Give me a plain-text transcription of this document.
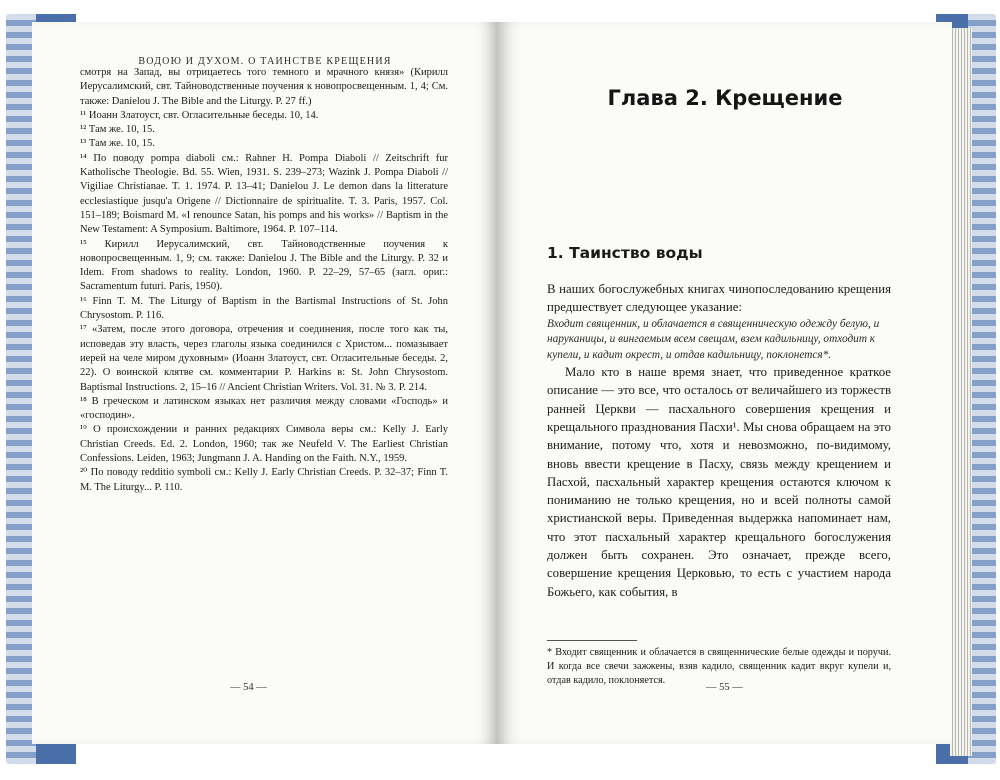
ВОДОЮ И ДУХОМ. О ТАИНСТВЕ КРЕЩЕНИЯ

смотря на Запад, вы отрицаетесь того темного и мрачного князя» (Кирилл Иерусалимский, свт. Тайноводственные поучения к новопросвещенным. 1, 4; См. также: Danielou J. The Bible and the Liturgy. P. 27 ff.)

¹¹ Иоанн Златоуст, свт. Огласительные беседы. 10, 14.

¹² Там же. 10, 15.

¹³ Там же. 10, 15.

¹⁴ По поводу pompa diaboli см.: Rahner H. Pompa Diaboli // Zeitschrift fur Katholische Theologie. Bd. 55. Wien, 1931. S. 239–273; Wazink J. Pompa Diaboli // Vigiliae Christianae. T. 1. 1974. P. 13–41; Danielou J. Le demon dans la litterature ecclesiastique jusqu'a Origene // Dictionnaire de spiritualite. T. 3. Paris, 1957. Col. 151–189; Boismard M. «I renounce Satan, his pomps and his works» // Baptism in the New Testament: A Symposium. Baltimore, 1964. P. 107–114.

¹⁵ Кирилл Иерусалимский, свт. Тайноводственные поучения к новопросвещенным. 1, 9; см. также: Danielou J. The Bible and the Liturgy. P. 32 и Idem. From shadows to reality. London, 1960. P. 22–29, 57–65 (загл. ориг.: Sacramentum futuri. Paris, 1950).

¹⁶ Finn T. M. The Liturgy of Baptism in the Bartismal Instructions of St. John Chrysostom. P. 116.

¹⁷ «Затем, после этого договора, отречения и соединения, после того как ты, исповедав эту власть, через глаголы языка соединился с Христом... помазывает иерей на челе миром духовным» (Иоанн Златоуст, свт. Огласительные беседы. 2, 22). О воинской клятве см. комментарии P. Harkins в: St. John Chrysostom. Baptismal Instructions. 2, 15–16 // Ancient Christian Writers. Vol. 31. № 3. P. 214.

¹⁸ В греческом и латинском языках нет различия между словами «Господь» и «господин».

¹⁹ О происхождении и ранних редакциях Символа веры см.: Kelly J. Early Christian Creeds. Ed. 2. London, 1960; так же Neufeld V. The Earliest Christian Confessions. Leiden, 1963; Jungmann J. A. Handing on the Faith. N.Y., 1959.

²⁰ По поводу redditio symboli см.: Kelly J. Early Christian Creeds. P. 32–37; Finn T. M. The Liturgy... P. 110.

— 54 —
Глава 2. Крещение
1. Таинство воды

В наших богослужебных книгах чинопоследованию крещения предшествует следующее указание:

Входит священник, и облачается в священническую одежду белую, и наруканицы, и вингаемым всем свещам, взем кадильницу, отходит к купели, и кадит окрест, и отдав кадильницу, поклонется*.

Мало кто в наше время знает, что приведенное краткое описание — это все, что осталось от величайшего из торжеств ранней Церкви — пасхального совершения крещения и крещального празднования Пасхи¹. Мы снова обращаем на это внимание, потому что, хотя и невозможно, по-видимому, вновь ввести крещение в Пасху, связь между крещением и Пасхой, пасхальный характер крещения остаются ключом к пониманию не только крещения, но и всей полноты самой христианской веры. Приведенная выдержка напоминает нам, что этот пасхальный характер крещального богослужения должен быть сохранен. Это означает, прежде всего, совершение крещения Церковью, то есть с участием народа Божьего, как события, в

* Входит священник и облачается в священнические белые одежды и поручи. И когда все свечи зажжены, взяв кадило, священник кадит вкруг купели и, отдав кадило, поклоняется.
— 55 —
